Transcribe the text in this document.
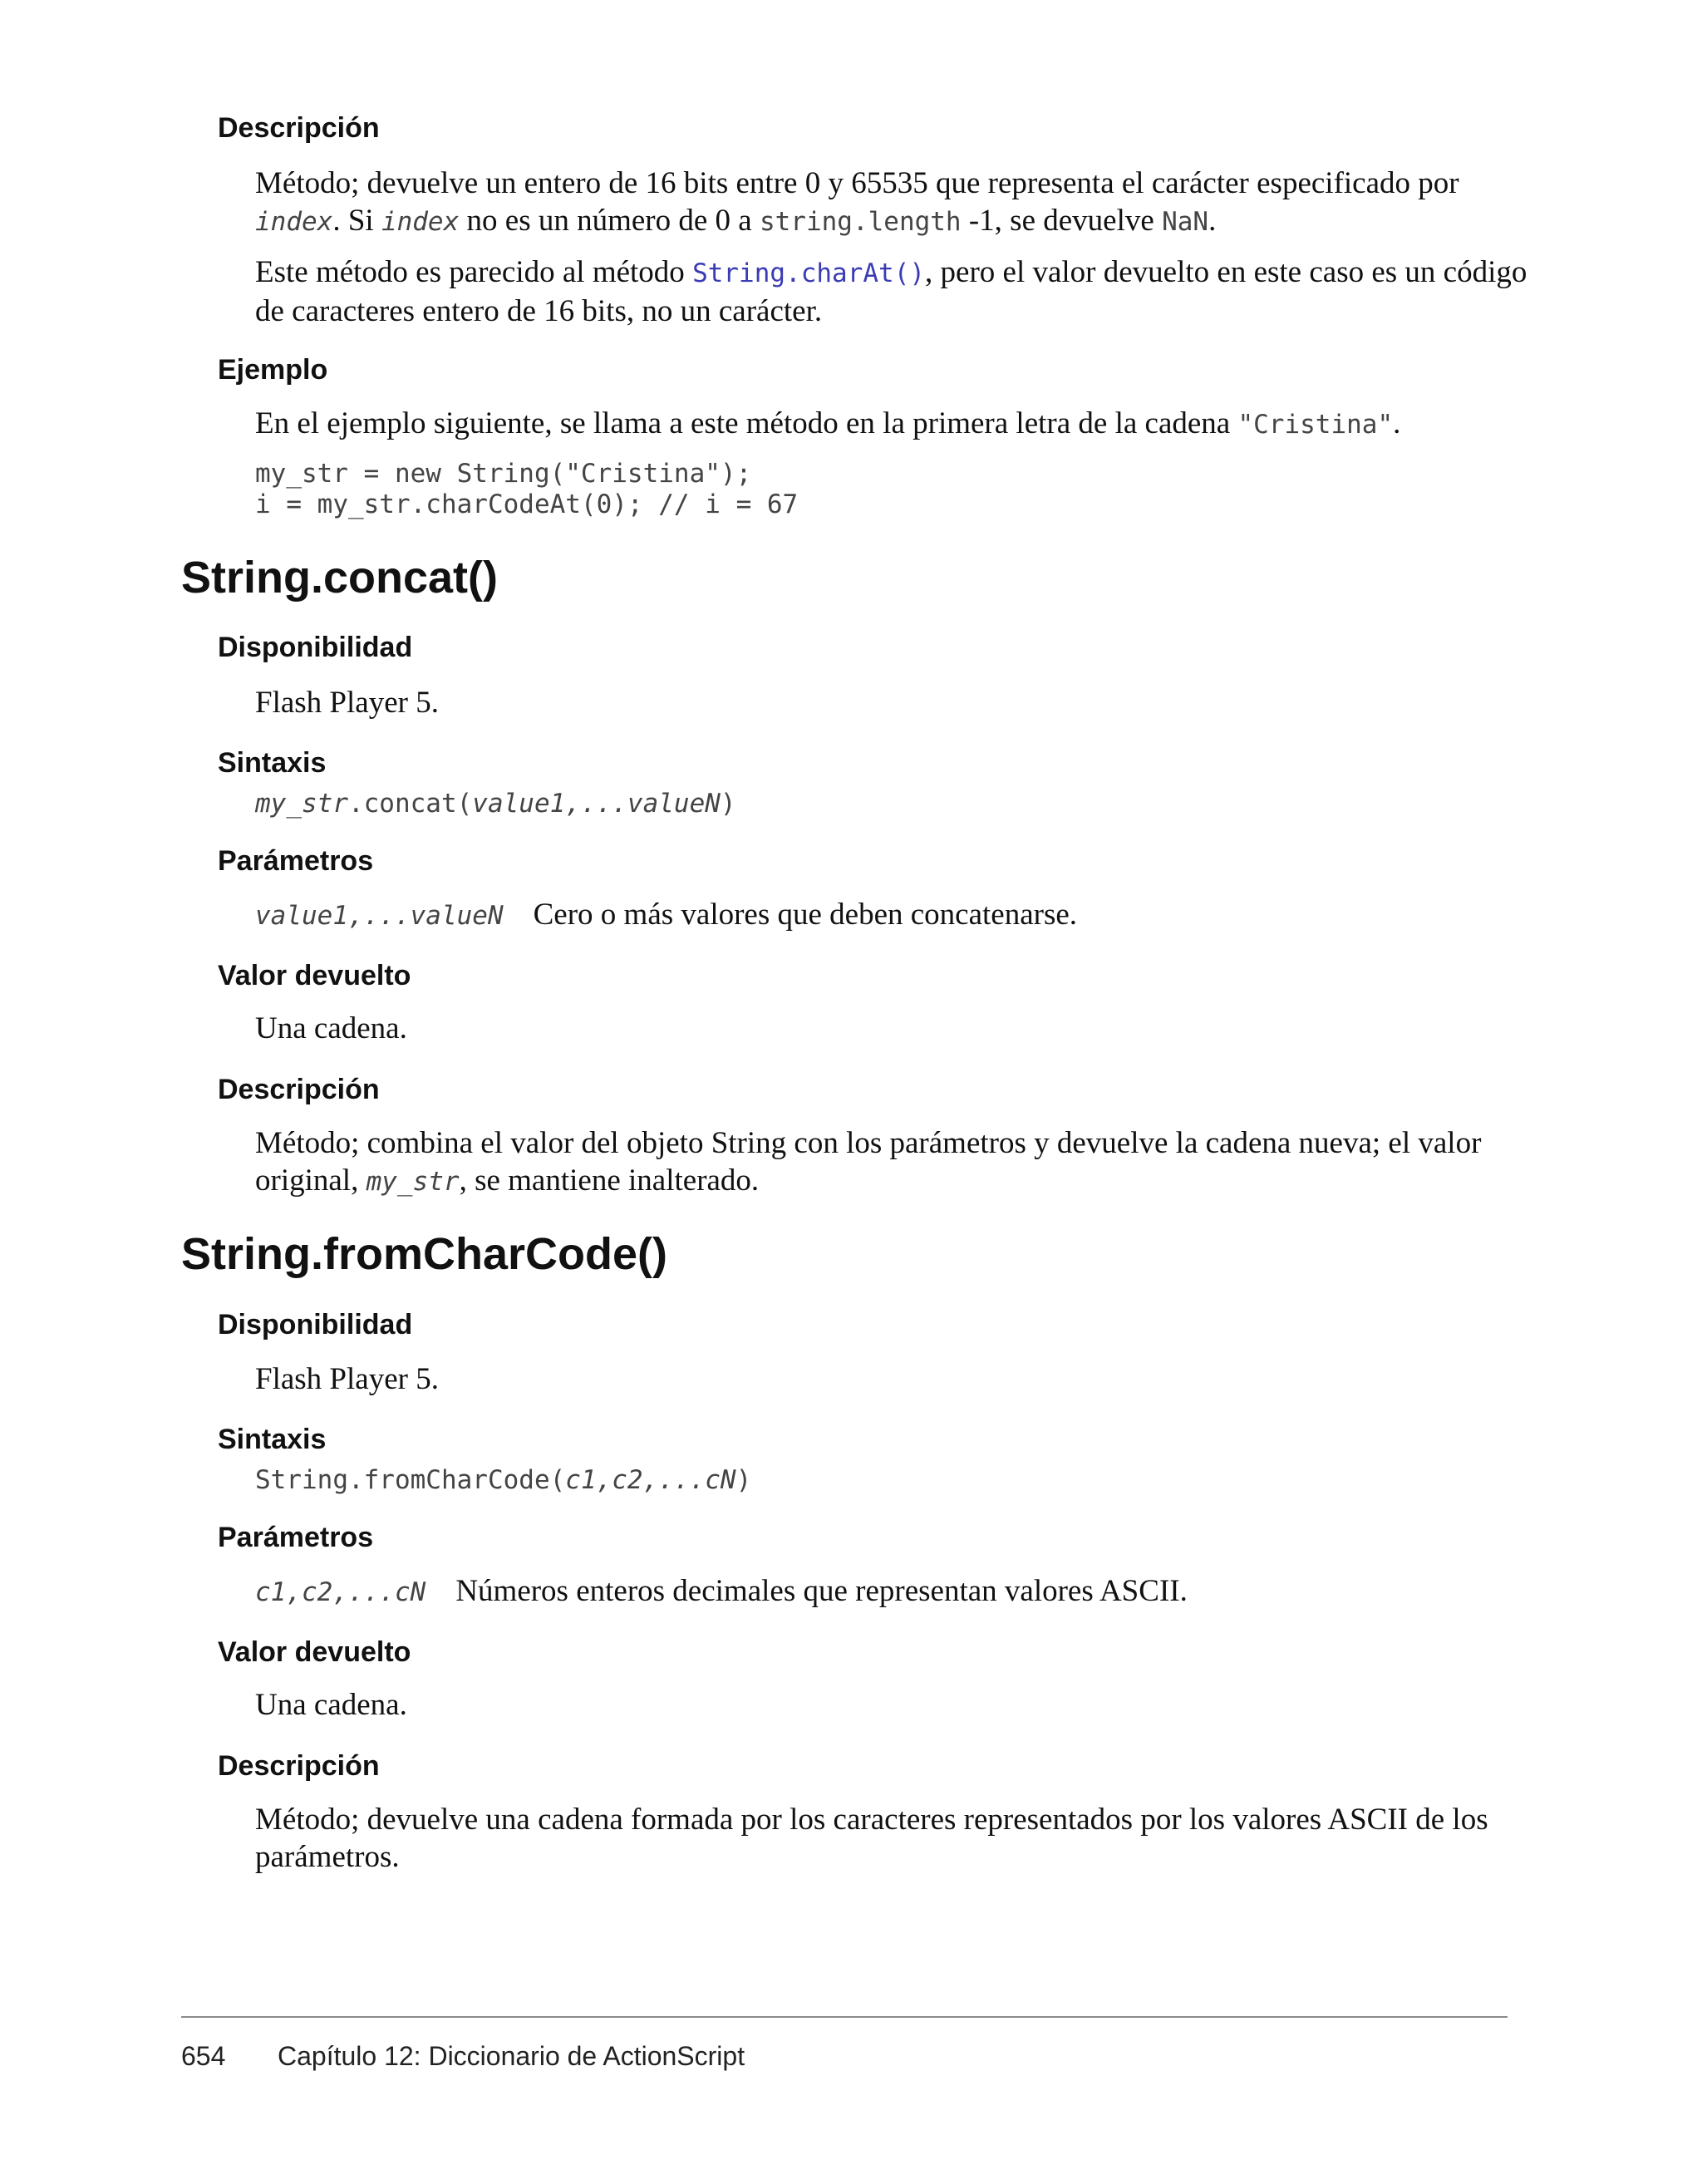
Descripción

Método; devuelve un entero de 16 bits entre 0 y 65535 que representa el carácter especificado por index. Si index no es un número de 0 a string.length -1, se devuelve NaN.

Este método es parecido al método String.charAt(), pero el valor devuelto en este caso es un código de caracteres entero de 16 bits, no un carácter.

Ejemplo

En el ejemplo siguiente, se llama a este método en la primera letra de la cadena "Cristina".

my_str = new String("Cristina");
i = my_str.charCodeAt(0); // i = 67
String.concat()
Disponibilidad

Flash Player 5.

Sintaxis
my_str.concat(value1,...valueN)
Parámetros

value1,...valueN Cero o más valores que deben concatenarse.

Valor devuelto

Una cadena.

Descripción

Método; combina el valor del objeto String con los parámetros y devuelve la cadena nueva; el valor original, my_str, se mantiene inalterado.

String.fromCharCode()
Disponibilidad

Flash Player 5.

Sintaxis
String.fromCharCode(c1,c2,...cN)
Parámetros

c1,c2,...cN Números enteros decimales que representan valores ASCII.

Valor devuelto

Una cadena.

Descripción

Método; devuelve una cadena formada por los caracteres representados por los valores ASCII de los parámetros.

654 Capítulo 12: Diccionario de ActionScript
